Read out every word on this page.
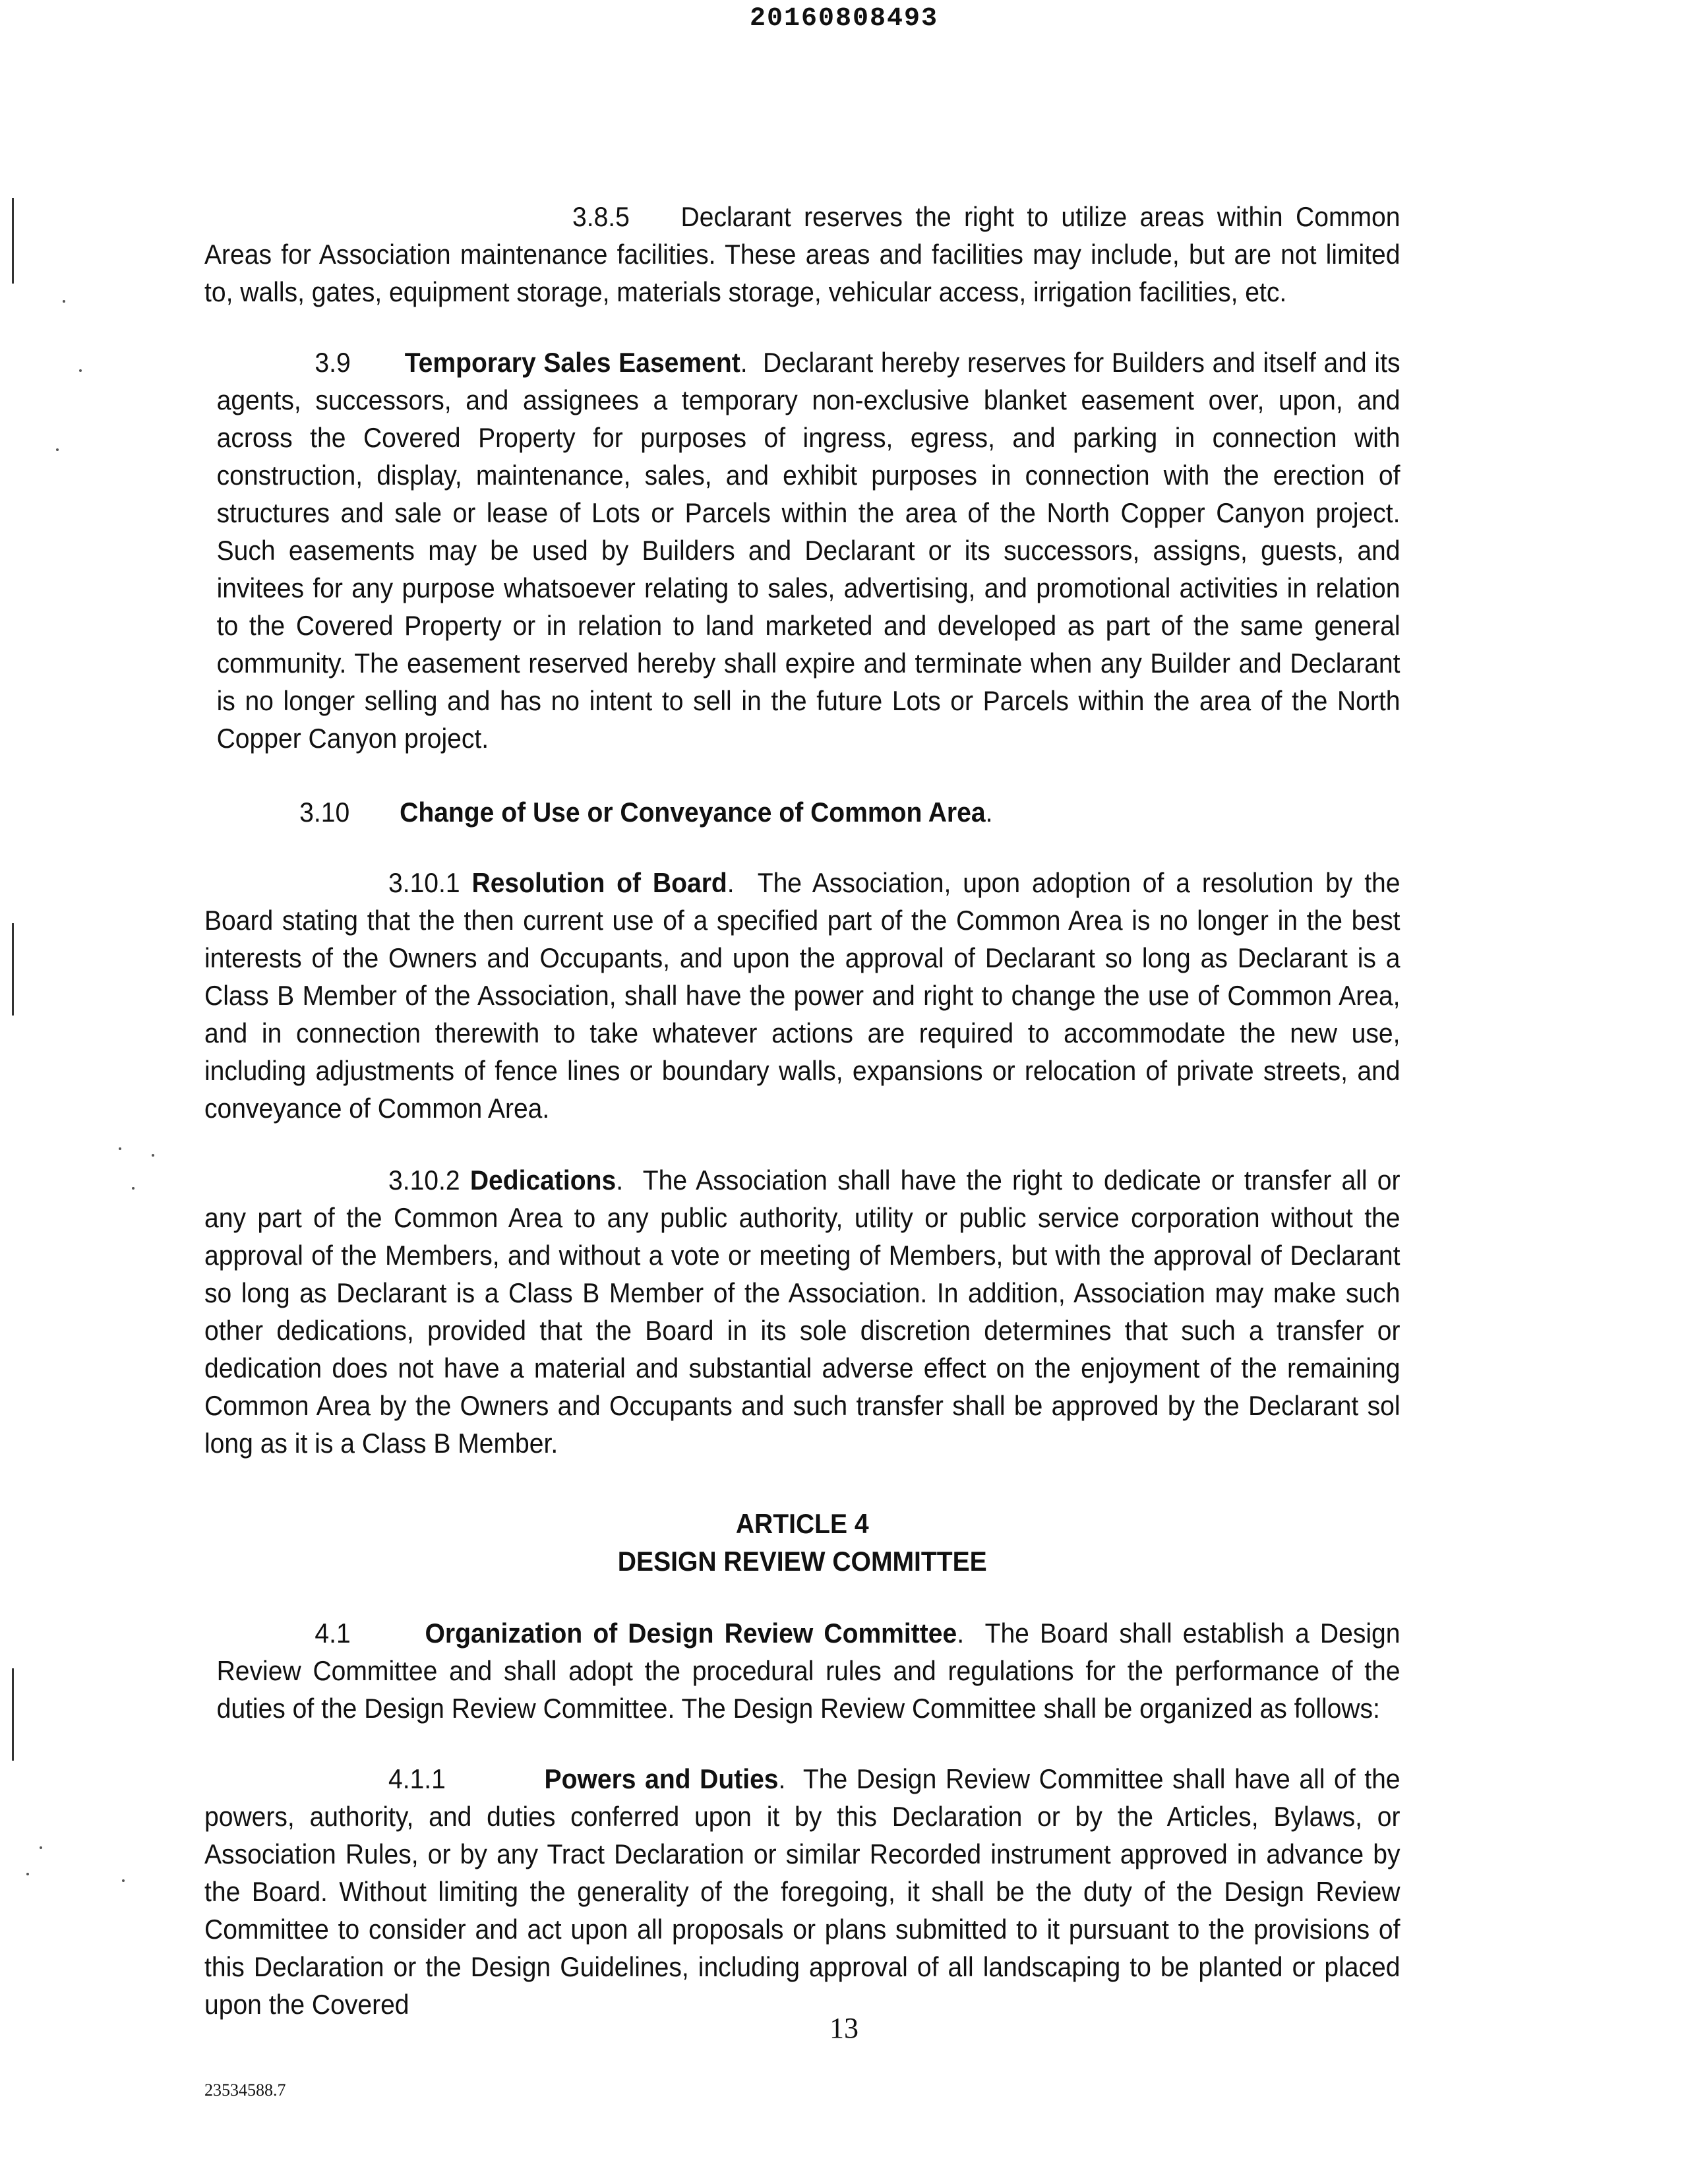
20160808493

3.8.5 Declarant reserves the right to utilize areas within Common Areas for Association maintenance facilities. These areas and facilities may include, but are not limited to, walls, gates, equipment storage, materials storage, vehicular access, irrigation facilities, etc.

3.9 Temporary Sales Easement.  Declarant hereby reserves for Builders and itself and its agents, successors, and assignees a temporary non-exclusive blanket easement over, upon, and across the Covered Property for purposes of ingress, egress, and parking in connection with construction, display, maintenance, sales, and exhibit purposes in connection with the erection of structures and sale or lease of Lots or Parcels within the area of the North Copper Canyon project. Such easements may be used by Builders and Declarant or its successors, assigns, guests, and invitees for any purpose whatsoever relating to sales, advertising, and promotional activities in relation to the Covered Property or in relation to land marketed and developed as part of the same general community. The easement reserved hereby shall expire and terminate when any Builder and Declarant is no longer selling and has no intent to sell in the future Lots or Parcels within the area of the North Copper Canyon project.

3.10 Change of Use or Conveyance of Common Area.

3.10.1 Resolution of Board.  The Association, upon adoption of a resolution by the Board stating that the then current use of a specified part of the Common Area is no longer in the best interests of the Owners and Occupants, and upon the approval of Declarant so long as Declarant is a Class B Member of the Association, shall have the power and right to change the use of Common Area, and in connection therewith to take whatever actions are required to accommodate the new use, including adjustments of fence lines or boundary walls, expansions or relocation of private streets, and conveyance of Common Area.

3.10.2 Dedications.  The Association shall have the right to dedicate or transfer all or any part of the Common Area to any public authority, utility or public service corporation without the approval of the Members, and without a vote or meeting of Members, but with the approval of Declarant so long as Declarant is a Class B Member of the Association. In addition, Association may make such other dedications, provided that the Board in its sole discretion determines that such a transfer or dedication does not have a material and substantial adverse effect on the enjoyment of the remaining Common Area by the Owners and Occupants and such transfer shall be approved by the Declarant sol long as it is a Class B Member.

ARTICLE 4
DESIGN REVIEW COMMITTEE

4.1	Organization of Design Review Committee.  The Board shall establish a Design Review Committee and shall adopt the procedural rules and regulations for the performance of the duties of the Design Review Committee. The Design Review Committee shall be organized as follows:

4.1.1	Powers and Duties.  The Design Review Committee shall have all of the powers, authority, and duties conferred upon it by this Declaration or by the Articles, Bylaws, or Association Rules, or by any Tract Declaration or similar Recorded instrument approved in advance by the Board. Without limiting the generality of the foregoing, it shall be the duty of the Design Review Committee to consider and act upon all proposals or plans submitted to it pursuant to the provisions of this Declaration or the Design Guidelines, including approval of all landscaping to be planted or placed upon the Covered

13
23534588.7
